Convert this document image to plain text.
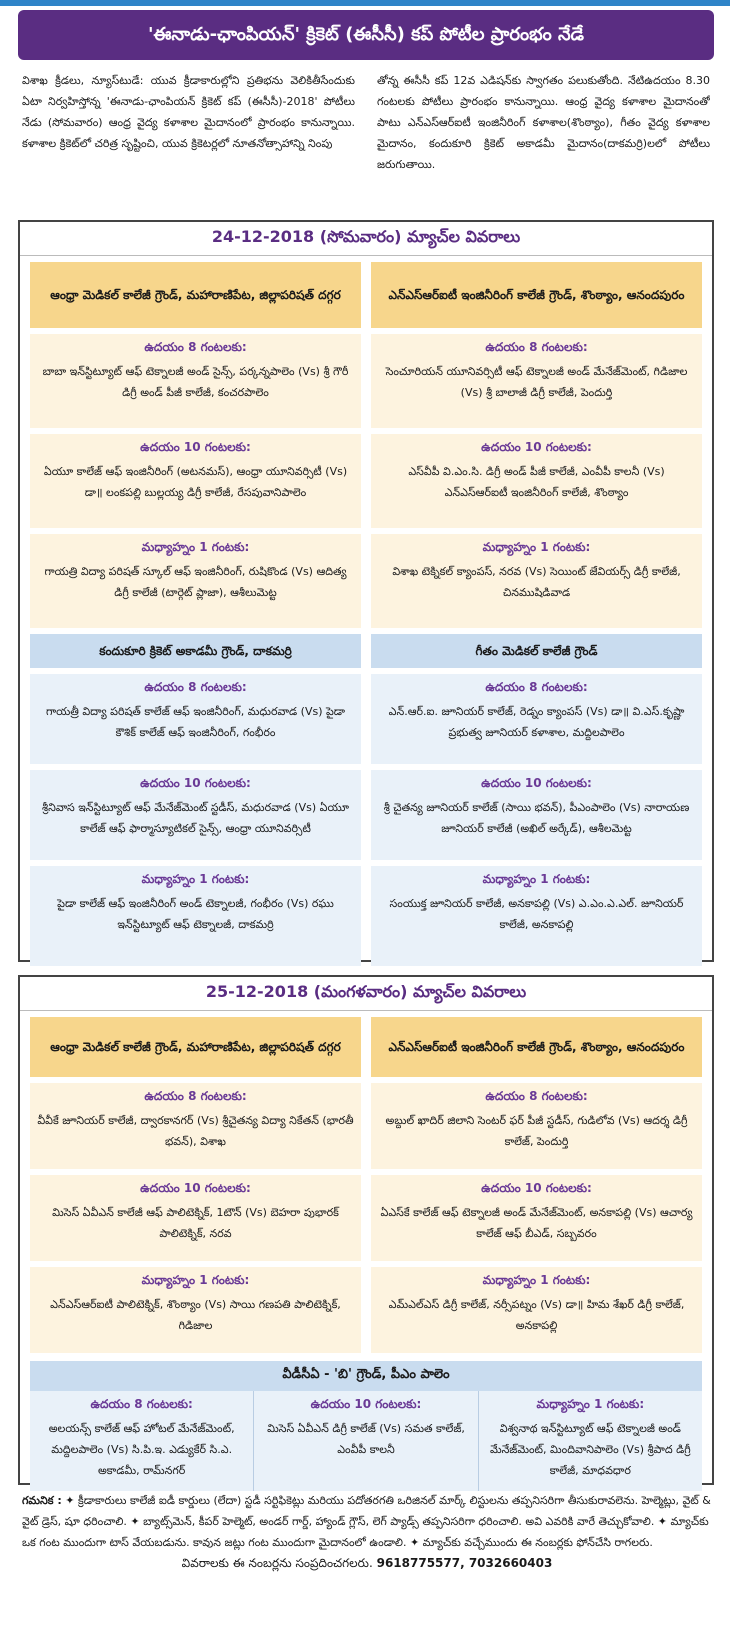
'ఈనాడు-ఛాంపియన్' క్రికెట్ (ఈసీసీ) కప్ పోటీల ప్రారంభం నేడే

విశాఖ క్రీడలు, న్యూస్‌టుడే: యువ క్రీడాకారుల్లోని ప్రతిభను వెలికితీసేందుకు ఏటా నిర్వహిస్తోన్న 'ఈనాడు-ఛాంపియన్ క్రికెట్ కప్ (ఈసీసీ)-2018' పోటీలు నేడు (సోమవారం) ఆంధ్ర వైద్య కళాశాల మైదానంలో ప్రారంభం కానున్నాయి. కళాశాల క్రికెట్‌లో చరిత్ర సృష్టించి, యువ క్రికెటర్లలో నూతనోత్సాహాన్ని నింపు

తోన్న ఈసీసీ కప్ 12వ ఎడిషన్‌కు స్వాగతం పలుకుతోంది. నేటిఉదయం 8.30 గంటలకు పోటీలు ప్రారంభం కానున్నాయి. ఆంధ్ర వైద్య కళాశాల మైదానంతో పాటు ఎన్‌ఎస్‌ఆర్‌ఐటీ ఇంజినీరింగ్ కళాశాల(శొంఠ్యాం), గీతం వైద్య కళాశాల మైదానం, కందుకూరి క్రికెట్ అకాడమీ మైదానం(దాకమర్రి)లలో పోటీలు జరుగుతాయి.

24-12-2018 (సోమవారం) మ్యాచ్‌ల వివరాలు
ఆంధ్రా మెడికల్ కాలేజీ గ్రౌండ్, మహారాణిపేట, జిల్లాపరిషత్ దగ్గర
ఉదయం 8 గంటలకు:
బాబా ఇన్‌స్టిట్యూట్ ఆఫ్ టెక్నాలజీ అండ్ సైన్స్, పర్కన్నపాలెం (Vs) శ్రీ గౌరీ డిగ్రీ అండ్ పీజీ కాలేజీ, కంచరపాలెం
ఉదయం 10 గంటలకు:
ఏయూ కాలేజ్ ఆఫ్ ఇంజినీరింగ్ (అటనమస్), ఆంధ్రా యూనివర్సిటీ (Vs) డా॥ లంకపల్లి బుల్లయ్య డిగ్రీ కాలేజీ, రేసపువానిపాలెం
మధ్యాహ్నం 1 గంటకు:
గాయత్రి విద్యా పరిషత్ స్కూల్ ఆఫ్ ఇంజినీరింగ్, రుషికొండ (Vs) ఆదిత్య డిగ్రీ కాలేజీ (టార్గెట్ ప్లాజా), ఆశీలుమెట్ట
కందుకూరి క్రికెట్ అకాడమీ గ్రౌండ్, దాకమర్రి
ఉదయం 8 గంటలకు:
గాయత్రీ విద్యా పరిషత్ కాలేజ్ ఆఫ్ ఇంజినీరింగ్, మధురవాడ (Vs) పైడా కౌశిక్ కాలేజ్ ఆఫ్ ఇంజినీరింగ్, గంభీరం
ఉదయం 10 గంటలకు:
శ్రీనివాస ఇన్‌స్టిట్యూట్ ఆఫ్ మేనేజ్‌మెంట్ స్టడీస్, మధురవాడ (Vs) ఏయూ కాలేజ్ ఆఫ్ ఫార్మాస్యూటికల్ సైన్స్, ఆంధ్రా యూనివర్సిటీ
మధ్యాహ్నం 1 గంటకు:
పైడా కాలేజ్ ఆఫ్ ఇంజినీరింగ్ అండ్ టెక్నాలజీ, గంభీరం (Vs) రఘు ఇన్‌స్టిట్యూట్ ఆఫ్ టెక్నాలజీ, దాకమర్రి
ఎన్‌ఎస్‌ఆర్‌ఐటీ ఇంజినీరింగ్ కాలేజీ గ్రౌండ్, శొంఠ్యాం, ఆనందపురం
ఉదయం 8 గంటలకు:
సెంచూరియన్ యూనివర్సిటీ ఆఫ్ టెక్నాలజీ అండ్ మేనేజ్‌మెంట్, గిడిజాల (Vs) శ్రీ బాలాజీ డిగ్రీ కాలేజీ, పెందుర్తి
ఉదయం 10 గంటలకు:
ఎస్‌వీపీ వి.ఎం.సి. డిగ్రీ అండ్ పీజీ కాలేజీ, ఎంవీపీ కాలనీ (Vs) ఎన్‌ఎస్‌ఆర్‌ఐటీ ఇంజినీరింగ్ కాలేజీ, శొంఠ్యాం
మధ్యాహ్నం 1 గంటకు:
విశాఖ టెక్నికల్ క్యాంపస్, నరవ (Vs) సెయింట్ జేవియర్స్ డిగ్రీ కాలేజీ, చినముషిడివాడ
గీతం మెడికల్ కాలేజీ గ్రౌండ్
ఉదయం 8 గంటలకు:
ఎన్.ఆర్.ఐ. జూనియర్ కాలేజ్, రెడ్నం క్యాంపస్ (Vs) డా॥ వి.ఎస్.కృష్ణా ప్రభుత్వ జూనియర్ కళాశాల, మద్దిలపాలెం
ఉదయం 10 గంటలకు:
శ్రీ చైతన్య జూనియర్ కాలేజ్ (సాయి భవన్), పీఎంపాలెం (Vs) నారాయణ జూనియర్ కాలేజీ (అఖిల్ అర్కేడ్), ఆశీలమెట్ట
మధ్యాహ్నం 1 గంటకు:
సంయుక్త జూనియర్ కాలేజీ, అనకాపల్లి (Vs) ఎ.ఎం.ఎ.ఎల్. జూనియర్ కాలేజీ, అనకాపల్లి
25-12-2018 (మంగళవారం) మ్యాచ్‌ల వివరాలు
ఆంధ్రా మెడికల్ కాలేజీ గ్రౌండ్, మహారాణిపేట, జిల్లాపరిషత్ దగ్గర
ఉదయం 8 గంటలకు:
వీవీకే జూనియర్ కాలేజీ, ద్వారకానగర్ (Vs) శ్రీచైతన్య విద్యా నికేతన్ (భారతీ భవన్), విశాఖ
ఉదయం 10 గంటలకు:
మిసెస్ ఏవీఎన్ కాలేజీ ఆఫ్ పాలిటెక్నిక్, 1టౌన్ (Vs) బెహరా పుభారక్ పాలిటెక్నిక్, నరవ
మధ్యాహ్నం 1 గంటకు:
ఎన్‌ఎస్‌ఆర్‌ఐటీ పాలిటెక్నిక్, శొంఠ్యాం (Vs) సాయి గణపతి పాలిటెక్నిక్, గిడిజాల
ఎన్‌ఎస్‌ఆర్‌ఐటీ ఇంజినీరింగ్ కాలేజీ గ్రౌండ్, శొంఠ్యాం, ఆనందపురం
ఉదయం 8 గంటలకు:
అబ్దుల్ ఖాదిర్ జిలాని సెంటర్ ఫర్ పీజీ స్టడీస్, గుడిలోవ (Vs) ఆదర్శ డిగ్రీ కాలేజ్, పెందుర్తి
ఉదయం 10 గంటలకు:
ఏఎస్‌కే కాలేజ్ ఆఫ్ టెక్నాలజీ అండ్ మేనేజ్‌మెంట్, అనకాపల్లి (Vs) ఆచార్య కాలేజ్ ఆఫ్ బీఎడ్, సబ్బవరం
మధ్యాహ్నం 1 గంటకు:
ఎమ్‌ఎల్‌ఎస్ డిగ్రీ కాలేజ్, నర్సీపట్నం (Vs) డా॥ హిమ శేఖర్ డిగ్రీ కాలేజ్, అనకాపల్లి
వీడీసీఏ - 'బి' గ్రౌండ్, పీఎం పాలెం
ఉదయం 8 గంటలకు:
అలయన్స్ కాలేజ్ ఆఫ్ హోటల్ మేనేజ్‌మెంట్, మద్దిలపాలెం (Vs) సి.పి.ఇ. ఎడ్యుకేర్ సి.ఎ. అకాడమీ, రామ్‌నగర్
ఉదయం 10 గంటలకు:
మిసెస్ ఏవీఎన్ డిగ్రీ కాలేజ్ (Vs) సమత కాలేజ్, ఎంవీపీ కాలనీ
మధ్యాహ్నం 1 గంటకు:
విశ్వనాథ ఇన్‌స్టిట్యూట్ ఆఫ్ టెక్నాలజీ అండ్ మేనేజ్‌మెంట్, మిందివానిపాలెం (Vs) శ్రీపాద డిగ్రీ కాలేజీ, మాధవధార
గమనిక : ✦ క్రీడాకారులు కాలేజీ ఐడీ కార్డులు (లేదా) స్టడీ సర్టిఫికెట్లు మరియు పదోతరగతి ఒరిజినల్ మార్క్ లిస్టులను తప్పనిసరిగా తీసుకురావలెను. హెల్మెట్లు, వైట్ & వైట్ డ్రెస్, షూ ధరించాలి. ✦ బ్యాట్స్‌మెన్, కీపర్ హెల్మెట్, అండర్ గార్డ్, హ్యాండ్ గ్లౌస్, లెగ్ ప్యాడ్స్ తప్పనిసరిగా ధరించాలి. అవి ఎవరికి వారే తెచ్చుకోవాలి. ✦ మ్యాచ్‌కు ఒక గంట ముందుగా టాస్ వేయబడును. కావున జట్లు గంట ముందుగా మైదానంలో ఉండాలి. ✦ మ్యాచ్‌కు వచ్చేముందు ఈ నంబర్లకు ఫోన్‌చేసి రాగలరు.
వివరాలకు ఈ నంబర్లను సంప్రదించగలరు. 9618775577, 7032660403
